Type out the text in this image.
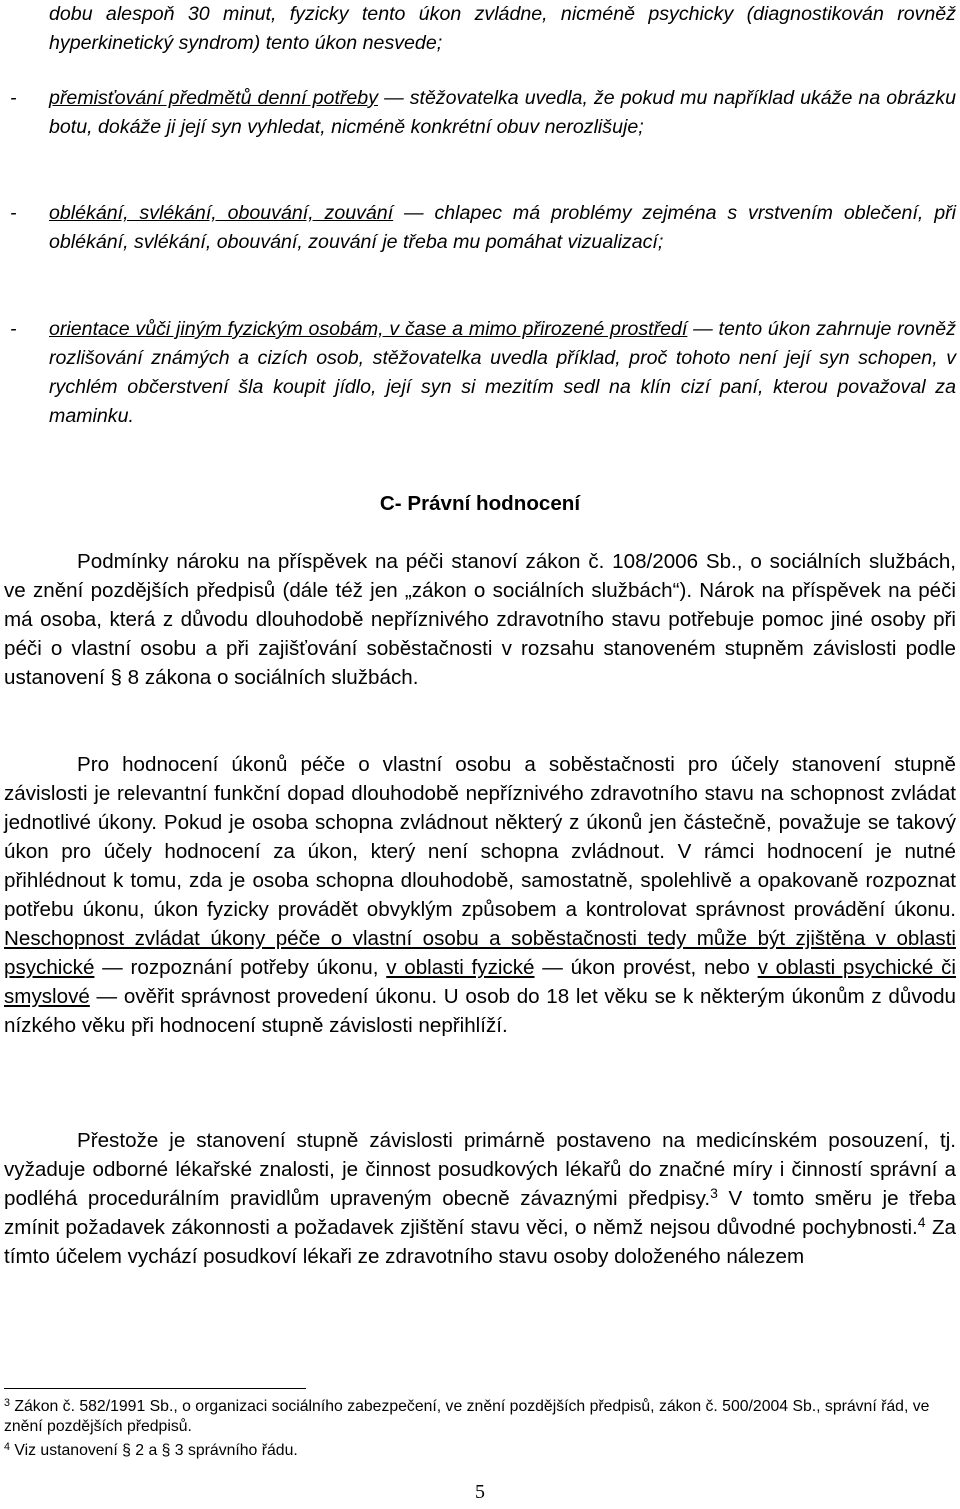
dobu alespoň 30 minut, fyzicky tento úkon zvládne, nicméně psychicky (diagnostikován rovněž hyperkinetický syndrom) tento úkon nesvede;

- přemisťování předmětů denní potřeby — stěžovatelka uvedla, že pokud mu například ukáže na obrázku botu, dokáže ji její syn vyhledat, nicméně konkrétní obuv nerozlišuje;

- oblékání, svlékání, obouvání, zouvání — chlapec má problémy zejména s vrstvením oblečení, při oblékání, svlékání, obouvání, zouvání je třeba mu pomáhat vizualizací;

- orientace vůči jiným fyzickým osobám, v čase a mimo přirozené prostředí — tento úkon zahrnuje rovněž rozlišování známých a cizích osob, stěžovatelka uvedla příklad, proč tohoto není její syn schopen, v rychlém občerstvení šla koupit jídlo, její syn si mezitím sedl na klín cizí paní, kterou považoval za maminku.

C- Právní hodnocení

Podmínky nároku na příspěvek na péči stanoví zákon č. 108/2006 Sb., o sociálních službách, ve znění pozdějších předpisů (dále též jen „zákon o sociálních službách“). Nárok na příspěvek na péči má osoba, která z důvodu dlouhodobě nepříznivého zdravotního stavu potřebuje pomoc jiné osoby při péči o vlastní osobu a při zajišťování soběstačnosti v rozsahu stanoveném stupněm závislosti podle ustanovení § 8 zákona o sociálních službách.

Pro hodnocení úkonů péče o vlastní osobu a soběstačnosti pro účely stanovení stupně závislosti je relevantní funkční dopad dlouhodobě nepříznivého zdravotního stavu na schopnost zvládat jednotlivé úkony. Pokud je osoba schopna zvládnout některý z úkonů jen částečně, považuje se takový úkon pro účely hodnocení za úkon, který není schopna zvládnout. V rámci hodnocení je nutné přihlédnout k tomu, zda je osoba schopna dlouhodobě, samostatně, spolehlivě a opakovaně rozpoznat potřebu úkonu, úkon fyzicky provádět obvyklým způsobem a kontrolovat správnost provádění úkonu. Neschopnost zvládat úkony péče o vlastní osobu a soběstačnosti tedy může být zjištěna v oblasti psychické — rozpoznání potřeby úkonu, v oblasti fyzické — úkon provést, nebo v oblasti psychické či smyslové — ověřit správnost provedení úkonu. U osob do 18 let věku se k některým úkonům z důvodu nízkého věku při hodnocení stupně závislosti nepřihlíží.

Přestože je stanovení stupně závislosti primárně postaveno na medicínském posouzení, tj. vyžaduje odborné lékařské znalosti, je činnost posudkových lékařů do značné míry i činností správní a podléhá procedurálním pravidlům upraveným obecně závaznými předpisy.$^3$ V tomto směru je třeba zmínit požadavek zákonnosti a požadavek zjištění stavu věci, o němž nejsou důvodné pochybnosti.$^4$ Za tímto účelem vychází posudkoví lékaři ze zdravotního stavu osoby doloženého nálezem

$^3$ Zákon č. 582/1991 Sb., o organizaci sociálního zabezpečení, ve znění pozdějších předpisů, zákon č. 500/2004 Sb., správní řád, ve znění pozdějších předpisů.
$^4$ Viz ustanovení § 2 a § 3 správního řádu.
5
